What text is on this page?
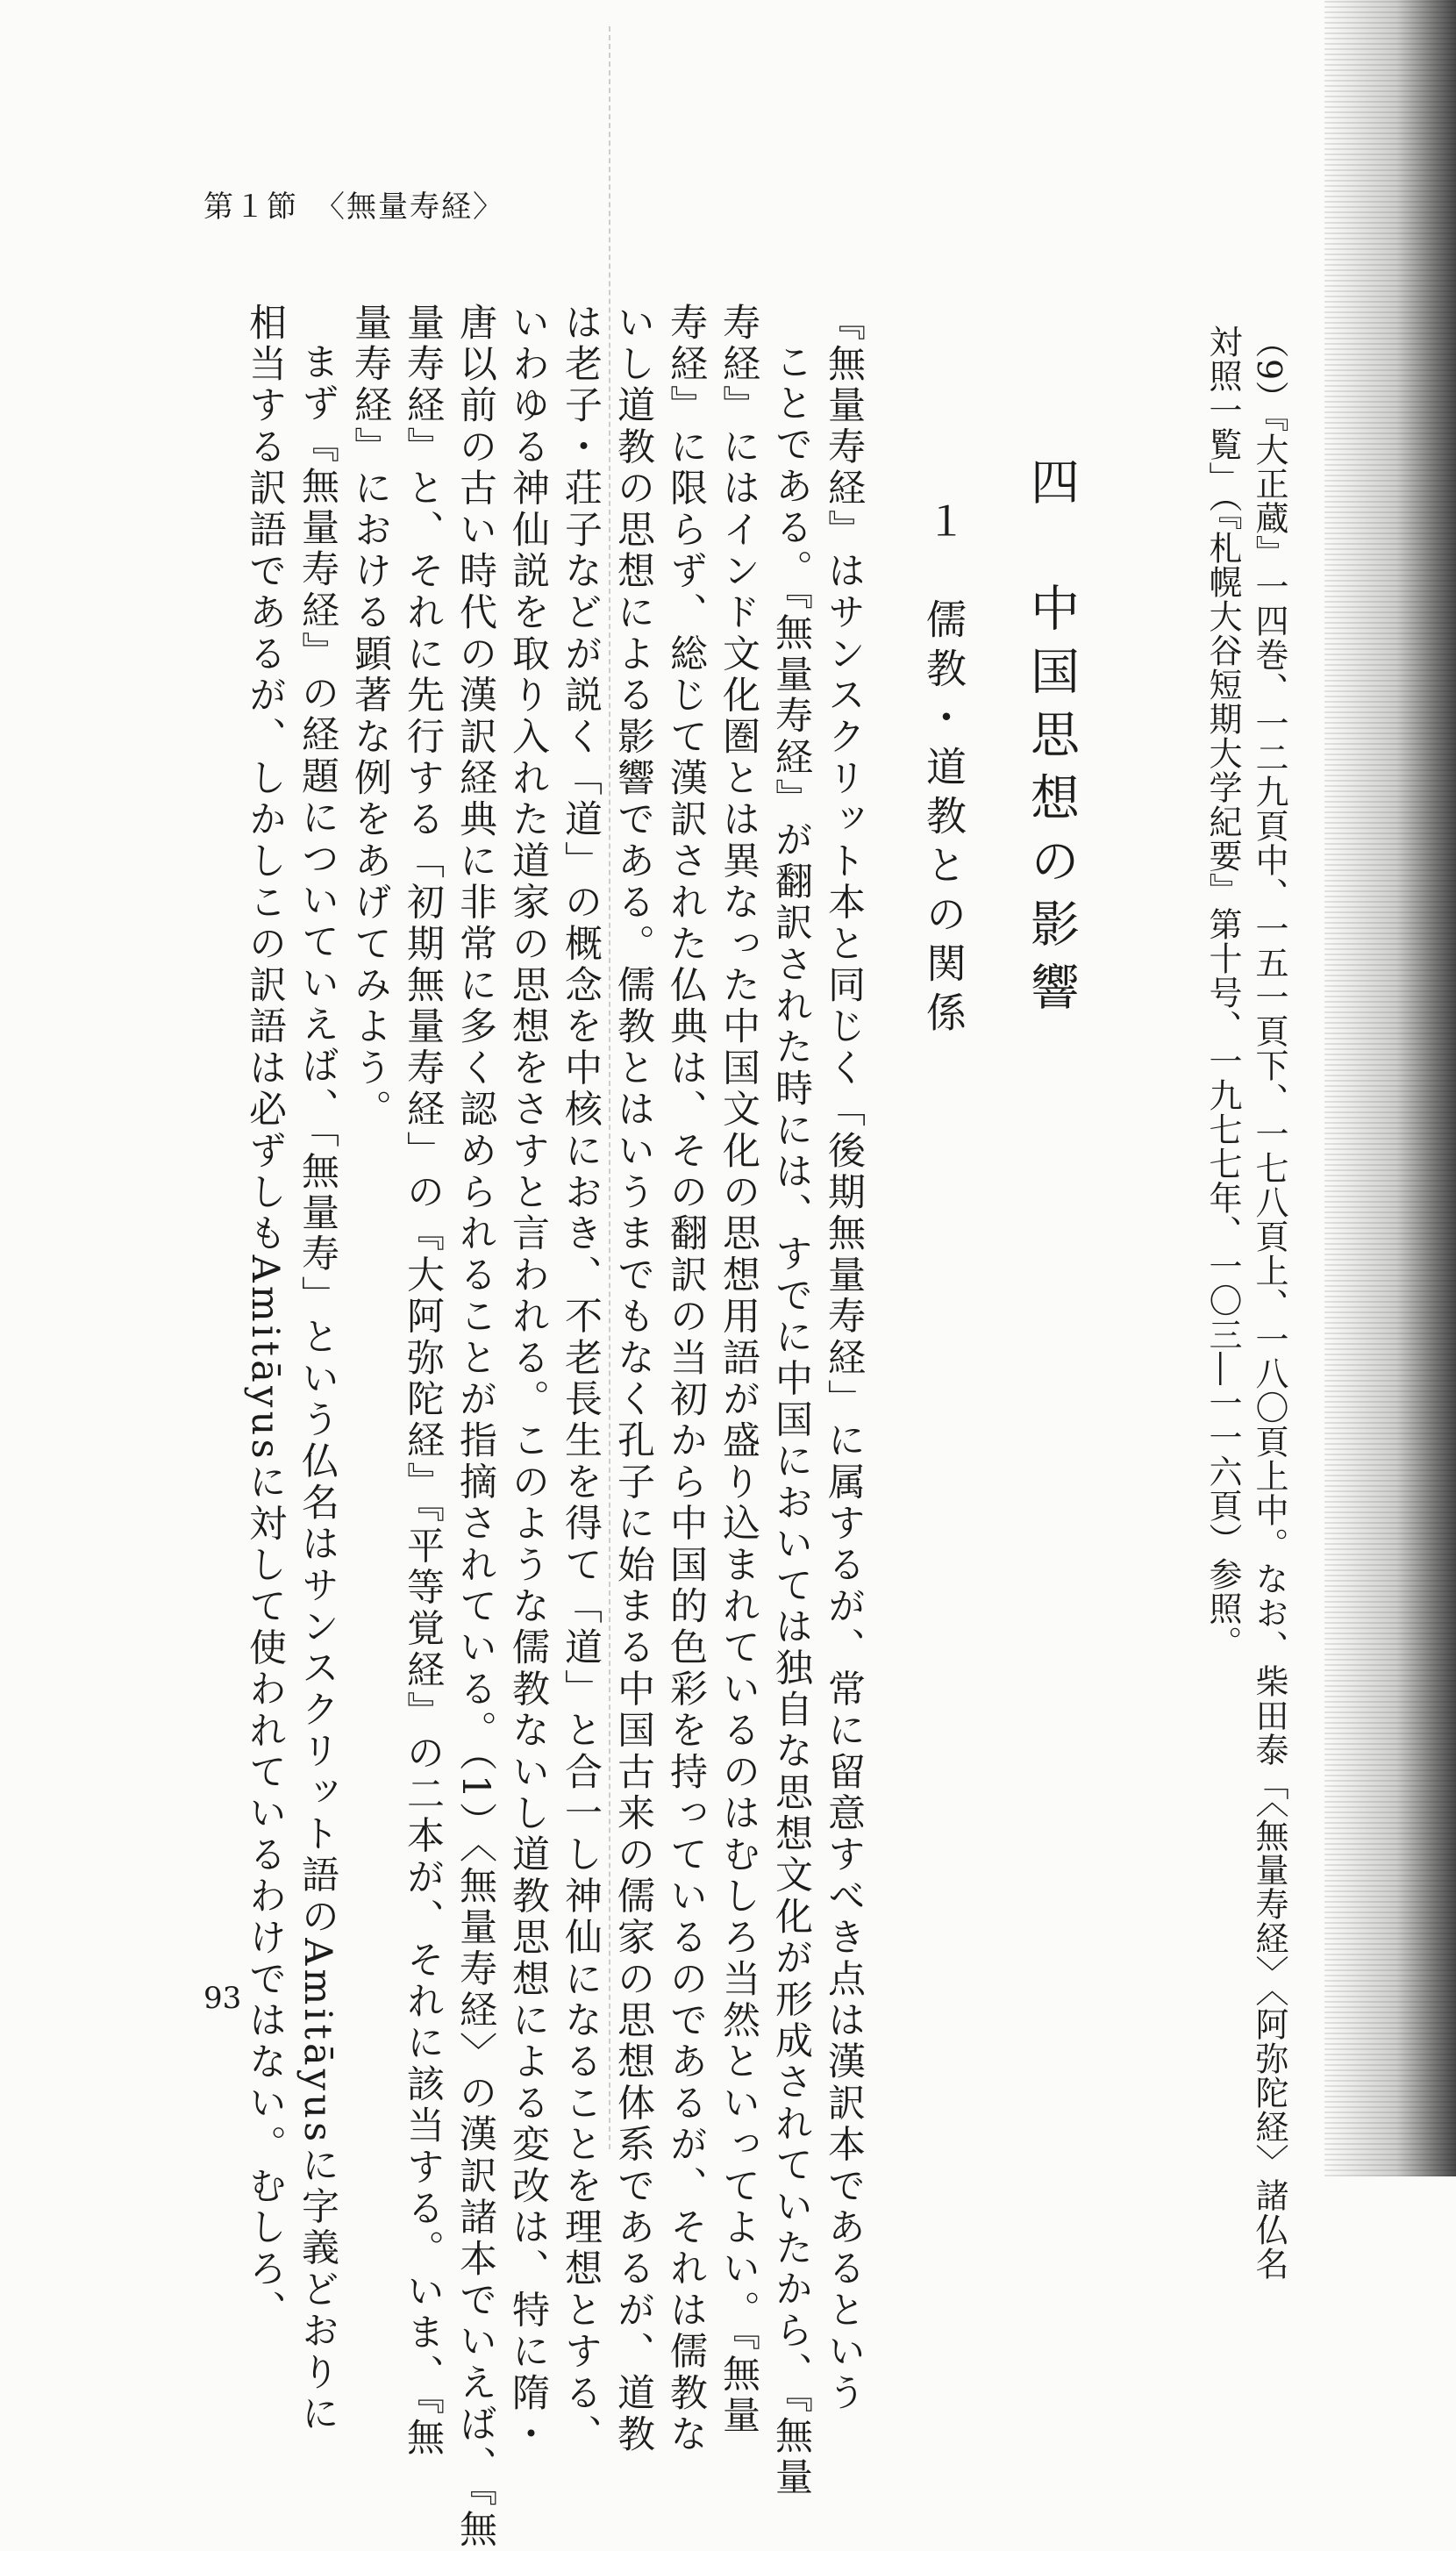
第１節　〈無量寿経〉
（9）『大正蔵』一四巻、一二九頁中、一五一頁下、一七八頁上、一八〇頁上中。なお、柴田泰「〈無量寿経〉〈阿弥陀経〉諸仏名
対照一覧」（『札幌大谷短期大学紀要』第十号、一九七七年、一〇三―一一六頁）参照。
四　中国思想の影響
１　儒教・道教との関係
『無量寿経』はサンスクリット本と同じく「後期無量寿経」に属するが、常に留意すべき点は漢訳本であるという
ことである。『無量寿経』が翻訳された時には、すでに中国においては独自な思想文化が形成されていたから、『無量
寿経』にはインド文化圏とは異なった中国文化の思想用語が盛り込まれているのはむしろ当然といってよい。『無量
寿経』に限らず、総じて漢訳された仏典は、その翻訳の当初から中国的色彩を持っているのであるが、それは儒教な
いし道教の思想による影響である。儒教とはいうまでもなく孔子に始まる中国古来の儒家の思想体系であるが、道教
は老子・荘子などが説く「道」の概念を中核におき、不老長生を得て「道」と合一し神仙になることを理想とする、
いわゆる神仙説を取り入れた道家の思想をさすと言われる。このような儒教ないし道教思想による変改は、特に隋・
唐以前の古い時代の漢訳経典に非常に多く認められることが指摘されている。（1）〈無量寿経〉の漢訳諸本でいえば、『無
量寿経』と、それに先行する「初期無量寿経」の『大阿弥陀経』『平等覚経』の二本が、それに該当する。いま、『無
量寿経』における顕著な例をあげてみよう。
まず『無量寿経』の経題についていえば、「無量寿」という仏名はサンスクリット語のAmitāyusに字義どおりに
相当する訳語であるが、しかしこの訳語は必ずしもAmitāyusに対して使われているわけではない。むしろ、
93
